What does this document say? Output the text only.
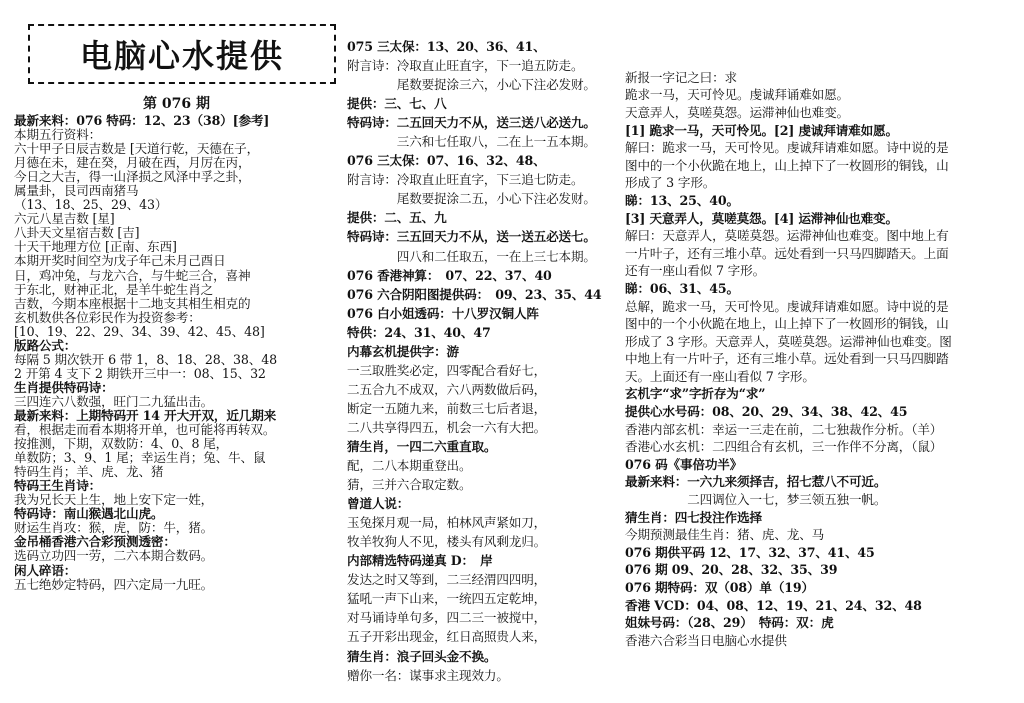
电脑心水提供
第 076 期
最新来料：076 特码：12、23（38）[参考]
本期五行资料：
六十甲子日辰吉数是 [天道行乾，天德在子，
月德在未，建在癸，月破在西，月厉在丙，
今日之大吉，得一山泽损之风泽中孚之卦，
属量卦，艮司西南猪马
（13、18、25、29、43）
六元八星吉数 [星]
八卦天文星宿吉数 [吉]
十天干地理方位 [正南、东西]
本期开奖时间空为戊子年己未月己酉日
日，鸡冲兔，与龙六合，与牛蛇三合，喜神
于东北，财神正北，是羊牛蛇生肖之
吉数，今期本座根据十二地支其相生相克的
玄机数供各位彩民作为投资参考：
[10、19、22、29、34、39、42、45、48]
版路公式：
每隔 5 期次铁开 6 带 1，8、18、28、38、48
2 开第 4 支下 2 期铁开三中一：08、15、32
生肖提供特码诗：
三四连六八数强，旺门二九猛出击。
最新来料：上期特码开 14 开大开双，近几期来
看，根据走而看本期将开单，也可能将再转双。
按推测，下期，双数防：4、0、8 尾，
单数防；3、9、1 尾；幸运生肖；兔、牛、鼠
特码生肖；羊、虎、龙、猪
特码王生肖诗：
我为兄长天上生，地上安下定一姓，
特码诗：南山猴遇北山虎。
财运生肖攻：猴，虎，防：牛，猪。
金吊桶香港六合彩预测透密：
选码立功四一劳，二六本期合数码。
闲人碎语：
五七绝妙定特码，四六定局一九旺。
075 三太保：13、20、36、41、
附言诗：冷取直止旺直字，下一追五防走。
　　　　尾数要捉涂三六，小心下注必发财。
提供：三、七、八
特码诗：二五回天力不从，送三送八必送九。
　　　　三六和七任取八，二在上一五本期。
076 三太保：07、16、32、48、
附言诗：冷取直止旺直字，下三追七防走。
　　　　尾数要捉涂二五，小心下注必发财。
提供：二、五、九
特码诗：三五回天力不从，送一送五必送七。
　　　　四八和二任取五，一在上三七本期。
076 香港神算：　07、22、37、40
076 六合阴阳图提供码：　09、23、35、44
076 白小姐透码：十八罗汉铜人阵
特供：24、31、40、47
内幕玄机提供字：游
一三取胜奖必定，四零配合看好七，
二五合九不成双，六八两数做后码，
断定一五随九来，前数三七后者退，
二八共享得四五，机会一六有大把。
猜生肖，一四二六重直取。
配，二八本期重登出。
猜，三并六合取定数。
曾道人说：
玉兔探月观一局，柏林风声紧如刀，
牧羊牧狗人不见，楼头有风剩龙归。
内部精选特码递真 D：　岸
发达之时又等到，二三经渭四四明，
猛吼一声下山来，一统四五定乾坤，
对马诵诗单句多，四二三一被搅中，
五子开彩出现金，红日高照贵人来，
猜生肖：浪子回头金不换。
赠你一名：谋事求主现效力。
新报一字记之曰：求
跪求一马，天可怜见。虔诚拜诵难如愿。
天意弄人，莫嗟莫怨。运滞神仙也难变。
[1] 跪求一马，天可怜见。[2] 虔诚拜请难如愿。
解曰：跪求一马，天可怜见。虔诚拜请难如愿。诗中说的是
图中的一个小伙跪在地上，山上掉下了一枚圆形的铜钱，山
形成了 3 字形。
睇：13、25、40。
[3] 天意弄人，莫嗟莫怨。[4] 运滞神仙也难变。
解曰：天意弄人，莫嗟莫怨。运滞神仙也难变。图中地上有
一片叶子，还有三堆小草。远处看到一只马四脚踏天。上面
还有一座山看似 7 字形。
睇：06、31、45。
总解，跪求一马，天可怜见。虔诚拜请难如愿。诗中说的是
图中的一个小伙跪在地上，山上掉下了一枚圆形的铜钱，山
形成了 3 字形。天意弄人，莫嗟莫怨。运滞神仙也难变。图
中地上有一片叶子，还有三堆小草。远处看到一只马四脚踏
天。上面还有一座山看似 7 字形。
玄机字“求”字折存为“求”
提供心水号码：08、20、29、34、38、42、45
香港内部玄机：幸运一三走在前，二七独裁作分析。（羊）
香港心水玄机：二四组合有玄机，三一作伴不分离，（鼠）
076 码《事倍功半》
最新来料：一六九来须择吉，招七惹八不可近。
　　　　　二四调位入一七，梦三领五独一帆。
猜生肖：四七投注作选择
今期预测最佳生肖：猪、虎、龙、马
076 期供平码 12、17、32、37、41、45
076 期 09、20、28、32、35、39
076 期特码：双（08）单（19）
香港 VCD：04、08、12、19、21、24、32、48
姐妹号码：（28、29）　特码：双：虎
香港六合彩当日电脑心水提供
